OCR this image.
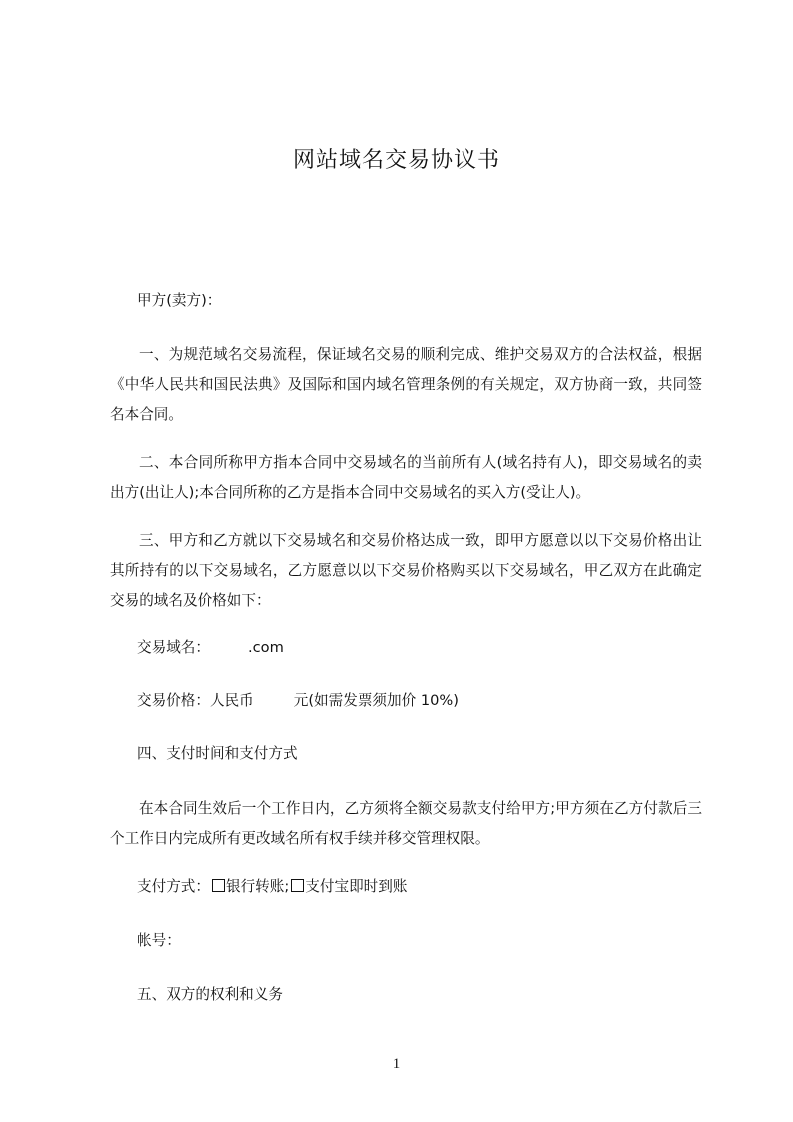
网站域名交易协议书
甲方(卖方)：
一、为规范域名交易流程，保证域名交易的顺利完成、维护交易双方的合法权益，根据《中华人民共和国民法典》及国际和国内域名管理条例的有关规定，双方协商一致，共同签名本合同。
二、本合同所称甲方指本合同中交易域名的当前所有人(域名持有人)，即交易域名的卖出方(出让人);本合同所称的乙方是指本合同中交易域名的买入方(受让人)。
三、甲方和乙方就以下交易域名和交易价格达成一致，即甲方愿意以以下交易价格出让其所持有的以下交易域名，乙方愿意以以下交易价格购买以下交易域名，甲乙双方在此确定交易的域名及价格如下：
交易域名：	.com
交易价格：人民币	元(如需发票须加价 10%)
四、支付时间和支付方式
在本合同生效后一个工作日内，乙方须将全额交易款支付给甲方;甲方须在乙方付款后三个工作日内完成所有更改域名所有权手续并移交管理权限。
支付方式： 银行转账; 支付宝即时到账
帐号：
五、双方的权利和义务
1
